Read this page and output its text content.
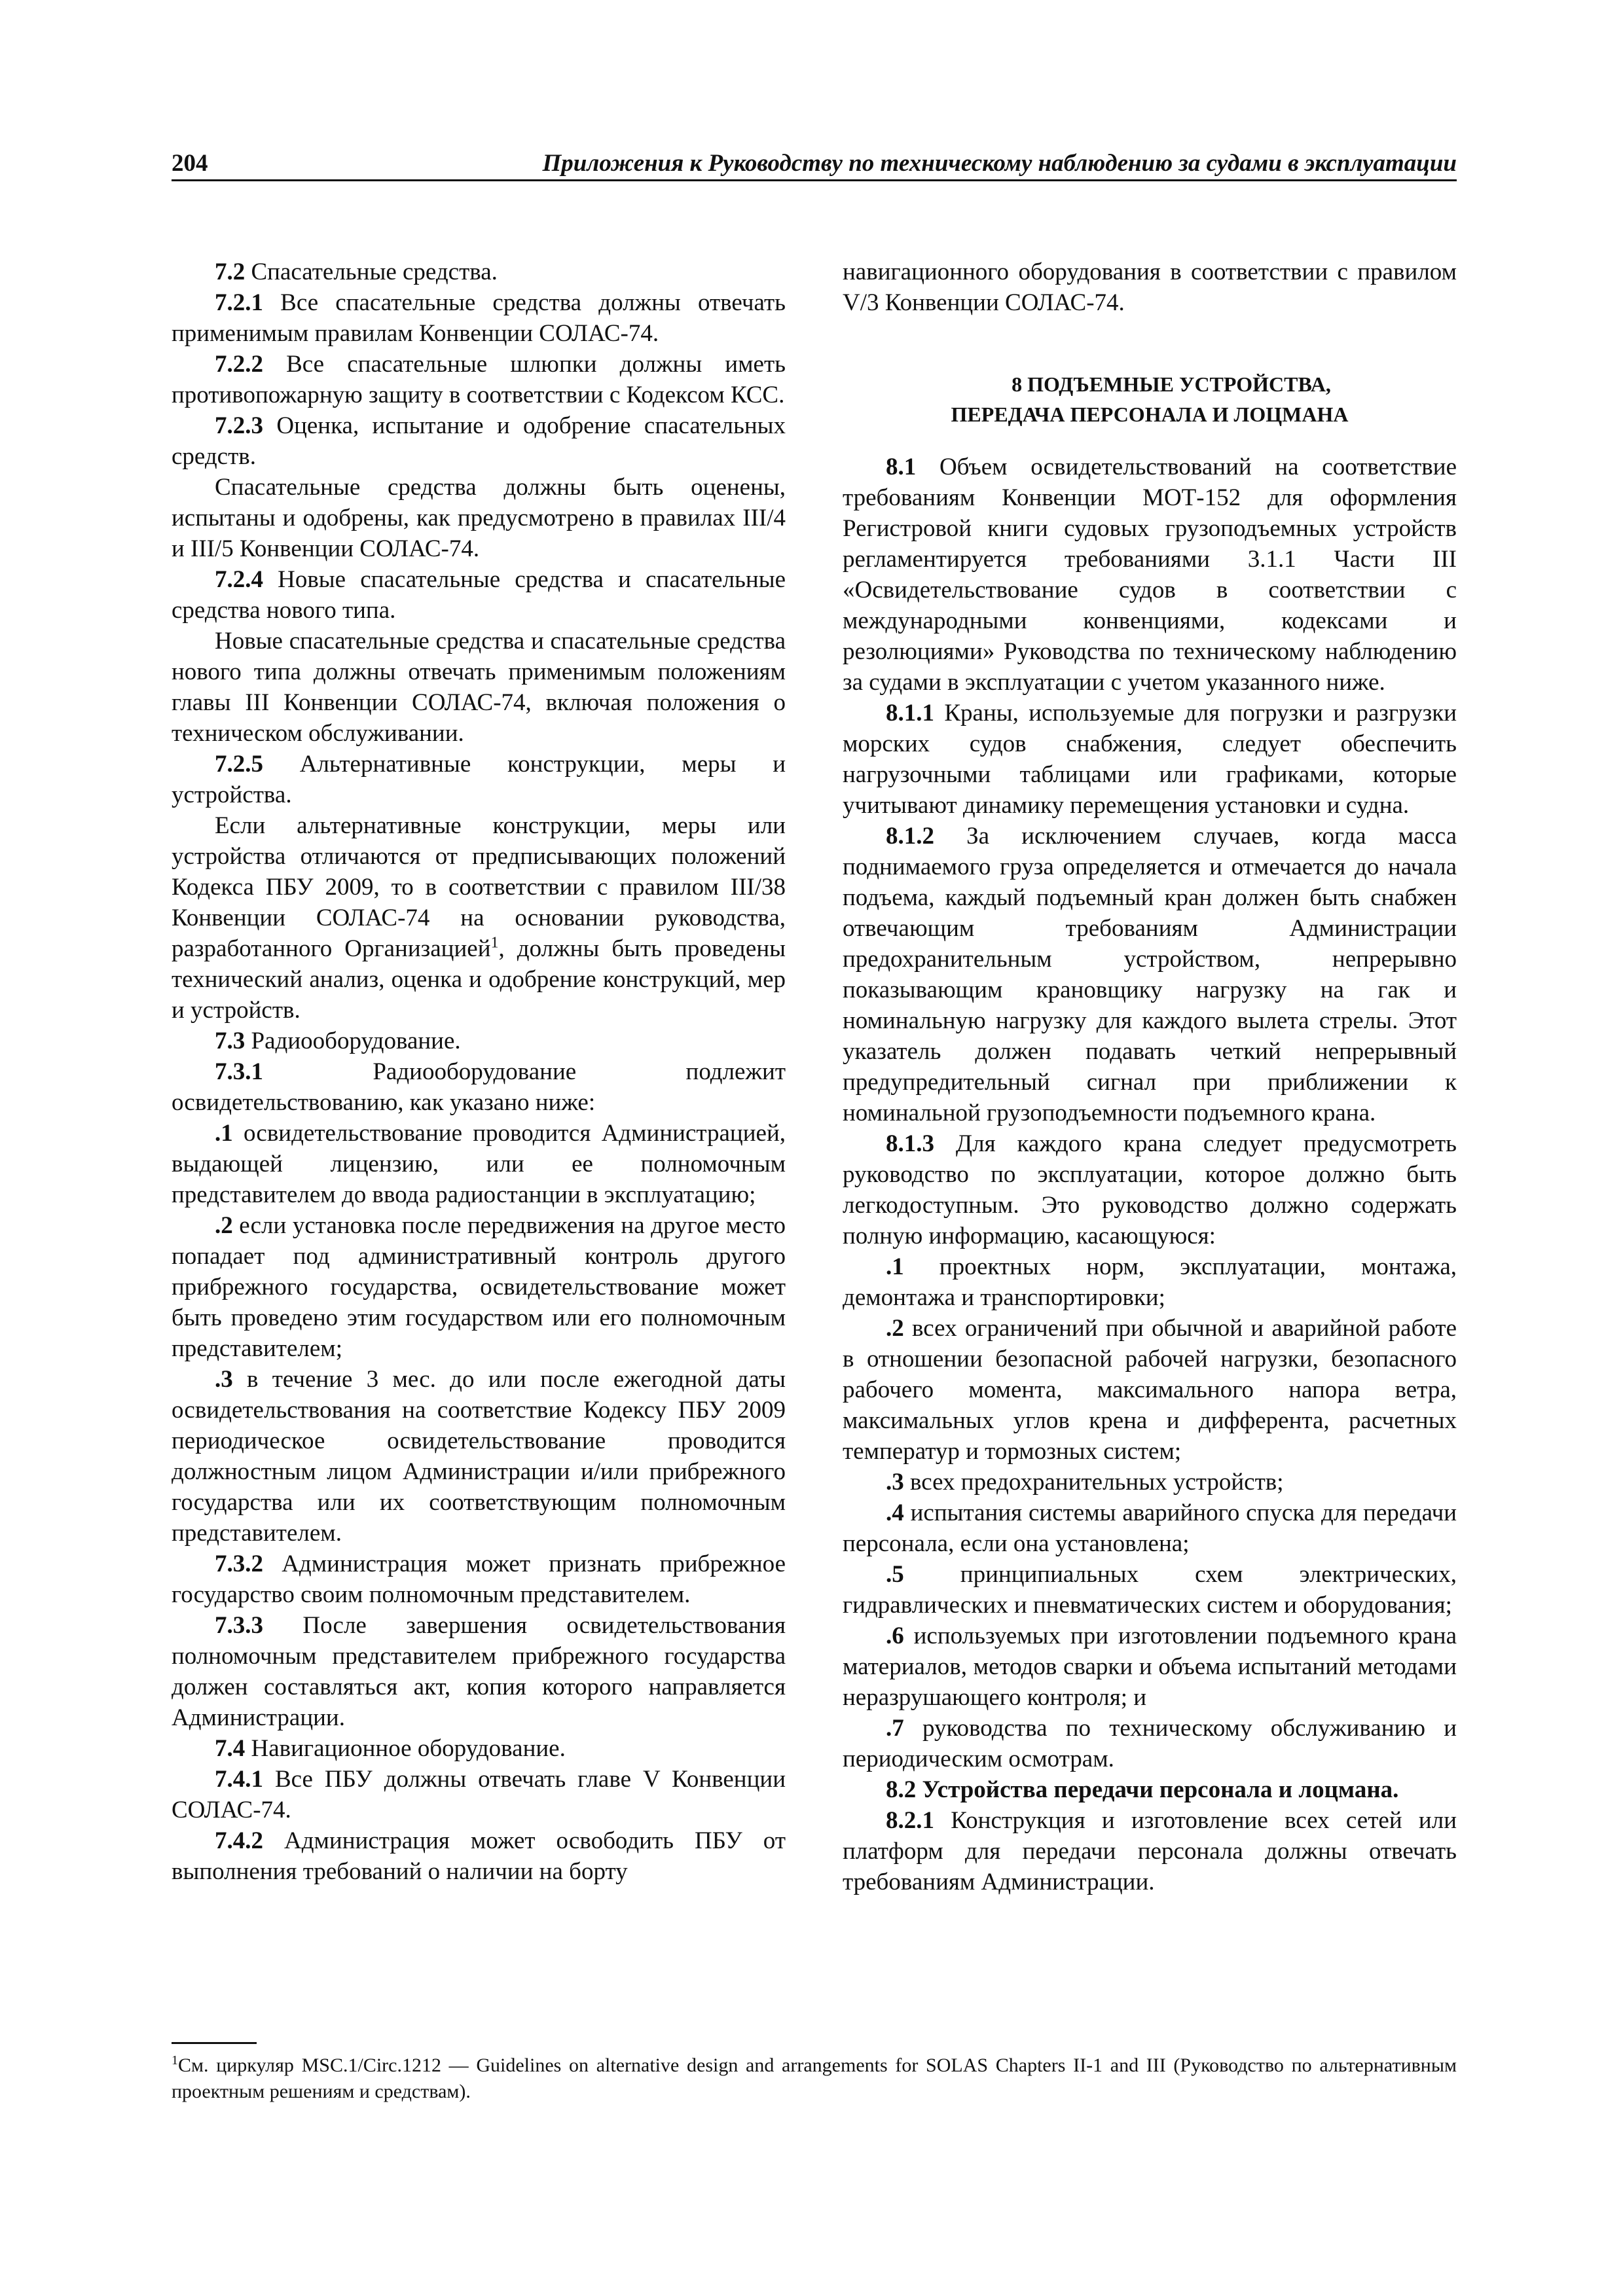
204	Приложения к Руководству по техническому наблюдению за судами в эксплуатации

7.2 Спасательные средства.

7.2.1 Все спасательные средства должны отвечать применимым правилам Конвенции СОЛАС-74.

7.2.2 Все спасательные шлюпки должны иметь противопожарную защиту в соответствии с Кодексом КСС.

7.2.3 Оценка, испытание и одобрение спасательных средств.

Спасательные средства должны быть оценены, испытаны и одобрены, как предусмотрено в правилах III/4 и III/5 Конвенции СОЛАС-74.

7.2.4 Новые спасательные средства и спасательные средства нового типа.

Новые спасательные средства и спасательные средства нового типа должны отвечать применимым положениям главы III Конвенции СОЛАС-74, включая положения о техническом обслуживании.

7.2.5 Альтернативные конструкции, меры и устройства.

Если альтернативные конструкции, меры или устройства отличаются от предписывающих положений Кодекса ПБУ 2009, то в соответствии с правилом III/38 Конвенции СОЛАС-74 на основании руководства, разработанного Организацией$^1$, должны быть проведены технический анализ, оценка и одобрение конструкций, мер и устройств.

7.3 Радиооборудование.

7.3.1 Радиооборудование подлежит освидетельствованию, как указано ниже:

.1 освидетельствование проводится Администрацией, выдающей лицензию, или ее полномочным представителем до ввода радиостанции в эксплуатацию;

.2 если установка после передвижения на другое место попадает под административный контроль другого прибрежного государства, освидетельствование может быть проведено этим государством или его полномочным представителем;

.3 в течение 3 мес. до или после ежегодной даты освидетельствования на соответствие Кодексу ПБУ 2009 периодическое освидетельствование проводится должностным лицом Администрации и/или прибрежного государства или их соответствующим полномочным представителем.

7.3.2 Администрация может признать прибрежное государство своим полномочным представителем.

7.3.3 После завершения освидетельствования полномочным представителем прибрежного государства должен составляться акт, копия которого направляется Администрации.

7.4 Навигационное оборудование.

7.4.1 Все ПБУ должны отвечать главе V Конвенции СОЛАС-74.

7.4.2 Администрация может освободить ПБУ от выполнения требований о наличии на борту

навигационного оборудования в соответствии с правилом V/3 Конвенции СОЛАС-74.

8 ПОДЪЕМНЫЕ УСТРОЙСТВА,
ПЕРЕДАЧА ПЕРСОНАЛА И ЛОЦМАНА

8.1 Объем освидетельствований на соответствие требованиям Конвенции МОТ-152 для оформления Регистровой книги судовых грузоподъемных устройств регламентируется требованиями 3.1.1 Части III «Освидетельствование судов в соответствии с международными конвенциями, кодексами и резолюциями» Руководства по техническому наблюдению за судами в эксплуатации с учетом указанного ниже.

8.1.1 Краны, используемые для погрузки и разгрузки морских судов снабжения, следует обеспечить нагрузочными таблицами или графиками, которые учитывают динамику перемещения установки и судна.

8.1.2 За исключением случаев, когда масса поднимаемого груза определяется и отмечается до начала подъема, каждый подъемный кран должен быть снабжен отвечающим требованиям Администрации предохранительным устройством, непрерывно показывающим крановщику нагрузку на гак и номинальную нагрузку для каждого вылета стрелы. Этот указатель должен подавать четкий непрерывный предупредительный сигнал при приближении к номинальной грузоподъемности подъемного крана.

8.1.3 Для каждого крана следует предусмотреть руководство по эксплуатации, которое должно быть легкодоступным. Это руководство должно содержать полную информацию, касающуюся:

.1 проектных норм, эксплуатации, монтажа, демонтажа и транспортировки;

.2 всех ограничений при обычной и аварийной работе в отношении безопасной рабочей нагрузки, безопасного рабочего момента, максимального напора ветра, максимальных углов крена и дифферента, расчетных температур и тормозных систем;

.3 всех предохранительных устройств;

.4 испытания системы аварийного спуска для передачи персонала, если она установлена;

.5 принципиальных схем электрических, гидравлических и пневматических систем и оборудования;

.6 используемых при изготовлении подъемного крана материалов, методов сварки и объема испытаний методами неразрушающего контроля; и

.7 руководства по техническому обслуживанию и периодическим осмотрам.

8.2 Устройства передачи персонала и лоцмана.

8.2.1 Конструкция и изготовление всех сетей или платформ для передачи персонала должны отвечать требованиям Администрации.

$^1$См. циркуляр MSC.1/Circ.1212 — Guidelines on alternative design and arrangements for SOLAS Chapters II-1 and III (Руководство по альтернативным проектным решениям и средствам).
